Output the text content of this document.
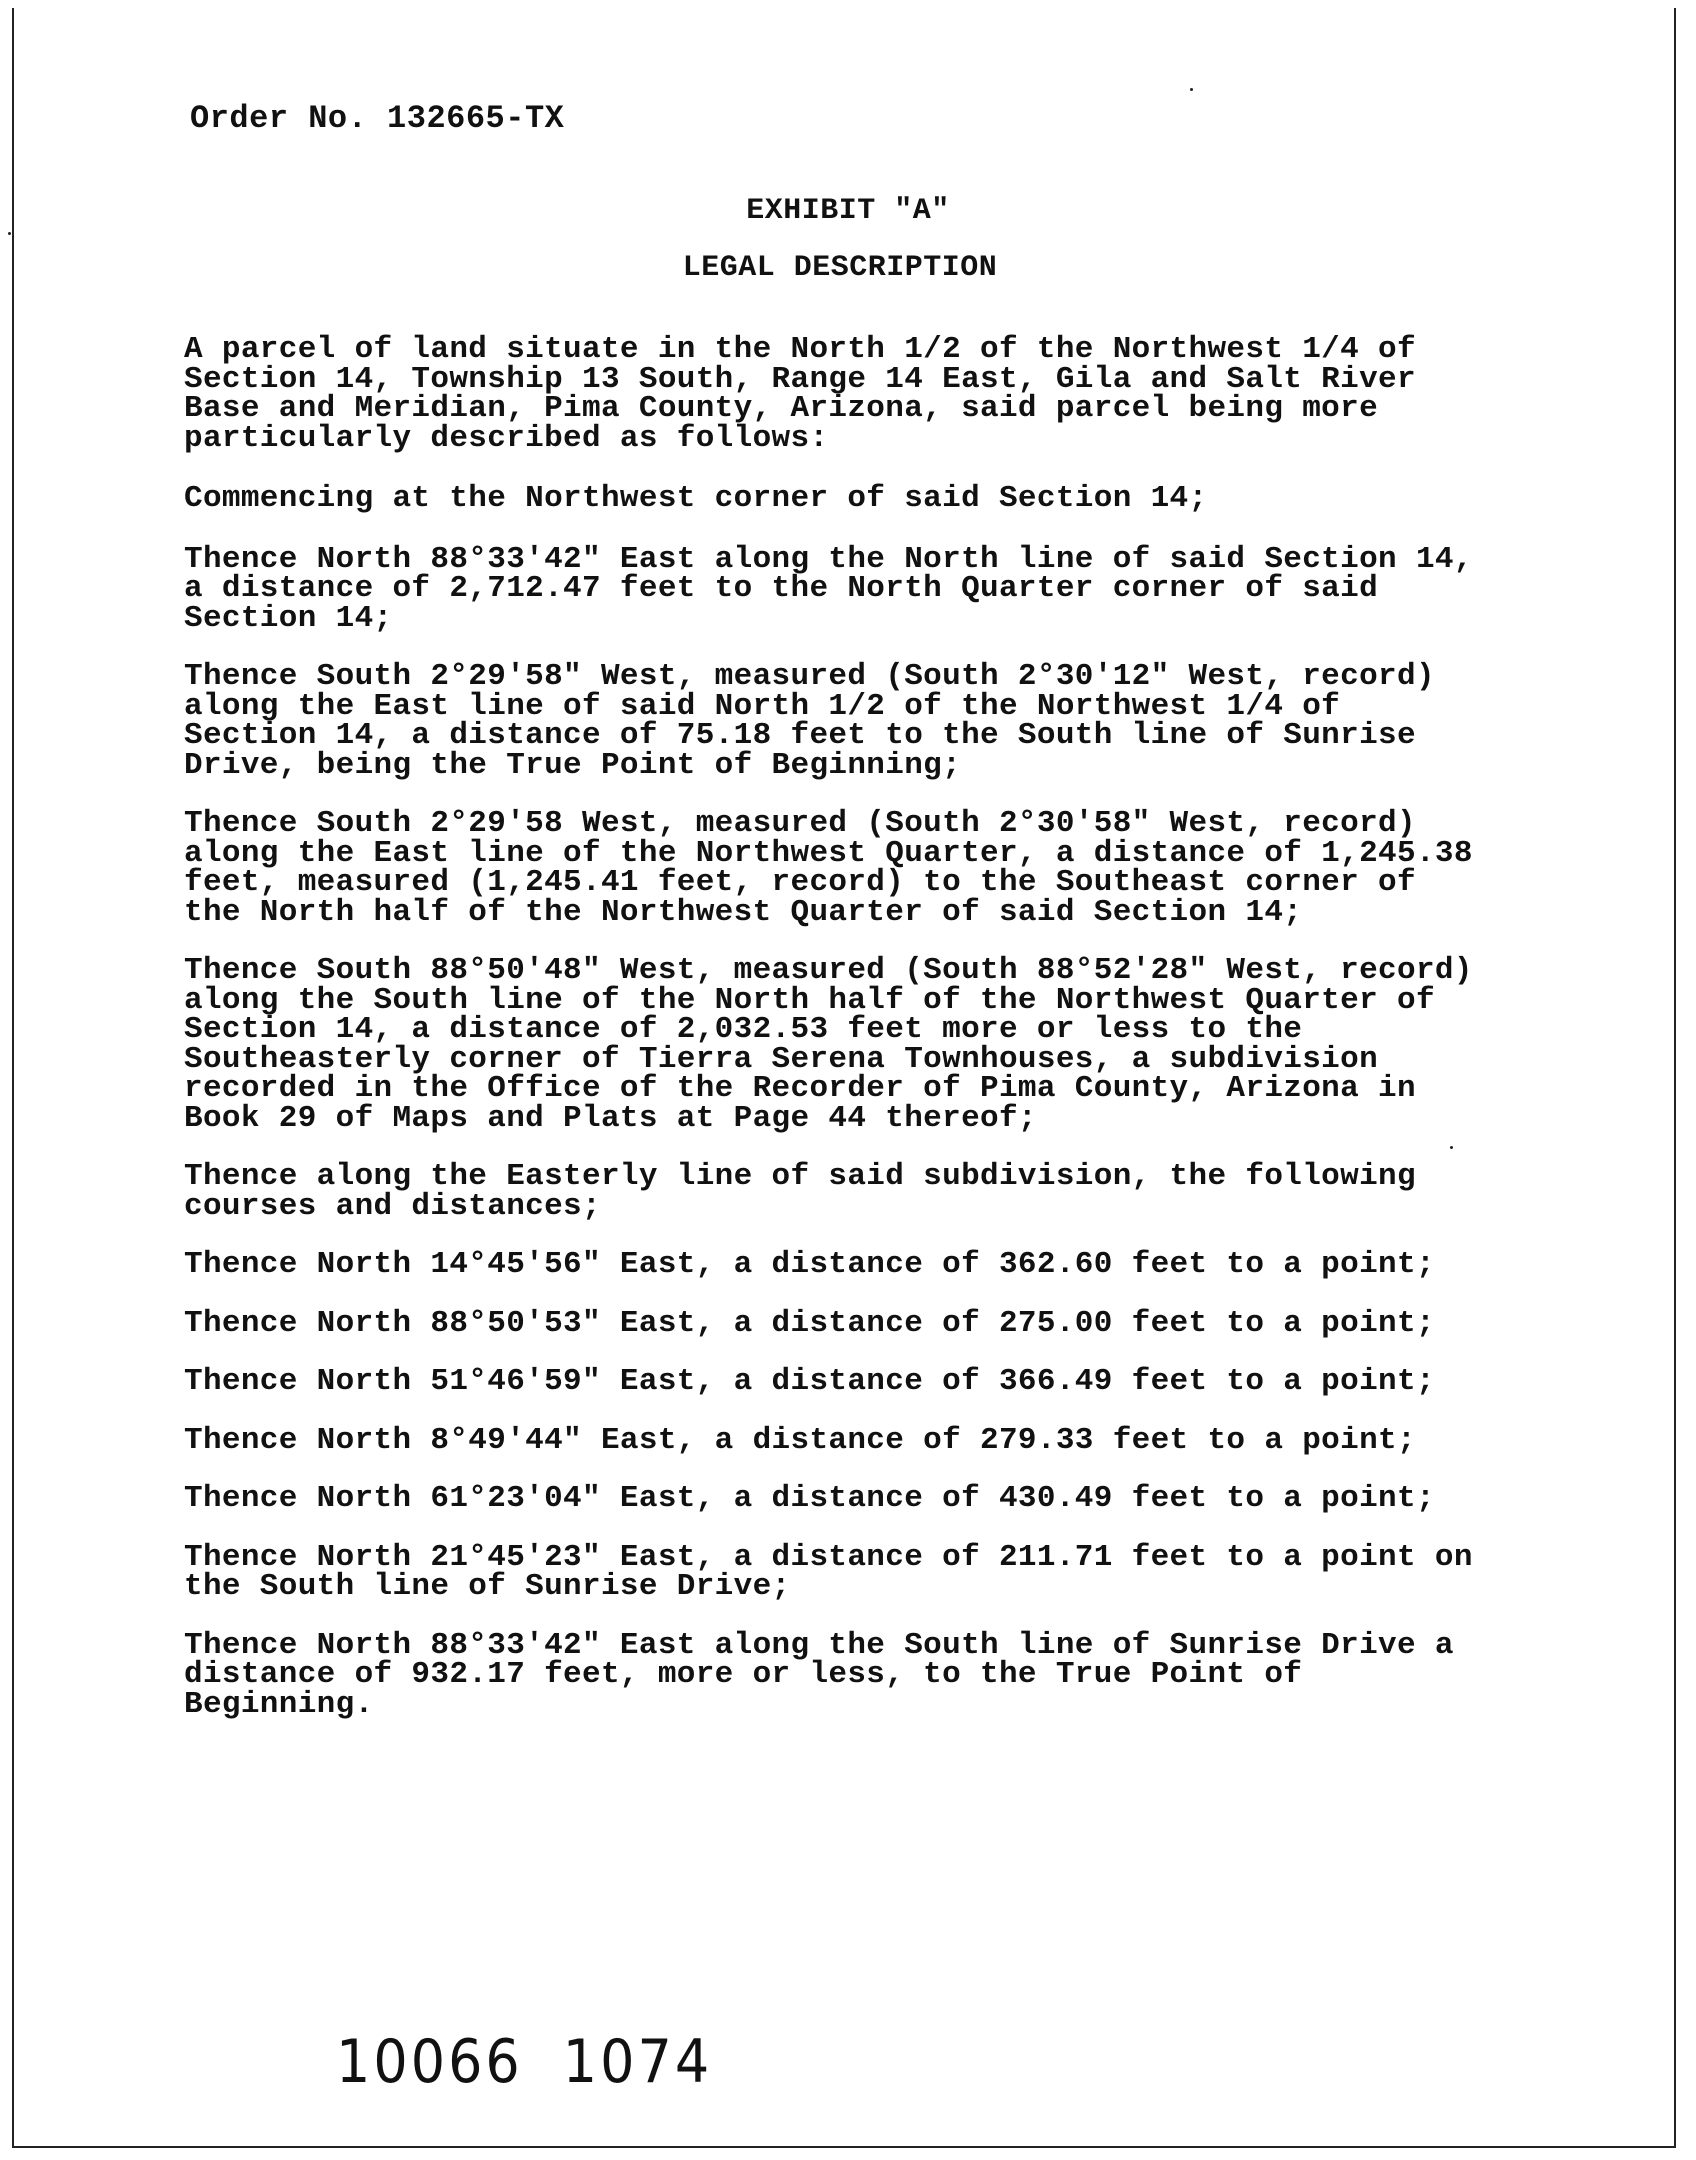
Order No. 132665-TX
EXHIBIT "A"
LEGAL DESCRIPTION

A parcel of land situate in the North 1/2 of the Northwest 1/4 of Section 14, Township 13 South, Range 14 East, Gila and Salt River Base and Meridian, Pima County, Arizona, said parcel being more particularly described as follows:

Commencing at the Northwest corner of said Section 14;

Thence North 88°33'42" East along the North line of said Section 14, a distance of 2,712.47 feet to the North Quarter corner of said Section 14;

Thence South 2°29'58" West, measured (South 2°30'12" West, record) along the East line of said North 1/2 of the Northwest 1/4 of Section 14, a distance of 75.18 feet to the South line of Sunrise Drive, being the True Point of Beginning;

Thence South 2°29'58 West, measured (South 2°30'58" West, record) along the East line of the Northwest Quarter, a distance of 1,245.38 feet, measured (1,245.41 feet, record) to the Southeast corner of the North half of the Northwest Quarter of said Section 14;

Thence South 88°50'48" West, measured (South 88°52'28" West, record) along the South line of the North half of the Northwest Quarter of Section 14, a distance of 2,032.53 feet more or less to the Southeasterly corner of Tierra Serena Townhouses, a subdivision recorded in the Office of the Recorder of Pima County, Arizona in Book 29 of Maps and Plats at Page 44 thereof;

Thence along the Easterly line of said subdivision, the following courses and distances;

Thence North 14°45'56" East, a distance of 362.60 feet to a point;

Thence North 88°50'53" East, a distance of 275.00 feet to a point;

Thence North 51°46'59" East, a distance of 366.49 feet to a point;

Thence North 8°49'44" East, a distance of 279.33 feet to a point;

Thence North 61°23'04" East, a distance of 430.49 feet to a point;

Thence North 21°45'23" East, a distance of 211.71 feet to a point on the South line of Sunrise Drive;

Thence North 88°33'42" East along the South line of Sunrise Drive a distance of 932.17 feet, more or less, to the True Point of Beginning.

10066 1074
